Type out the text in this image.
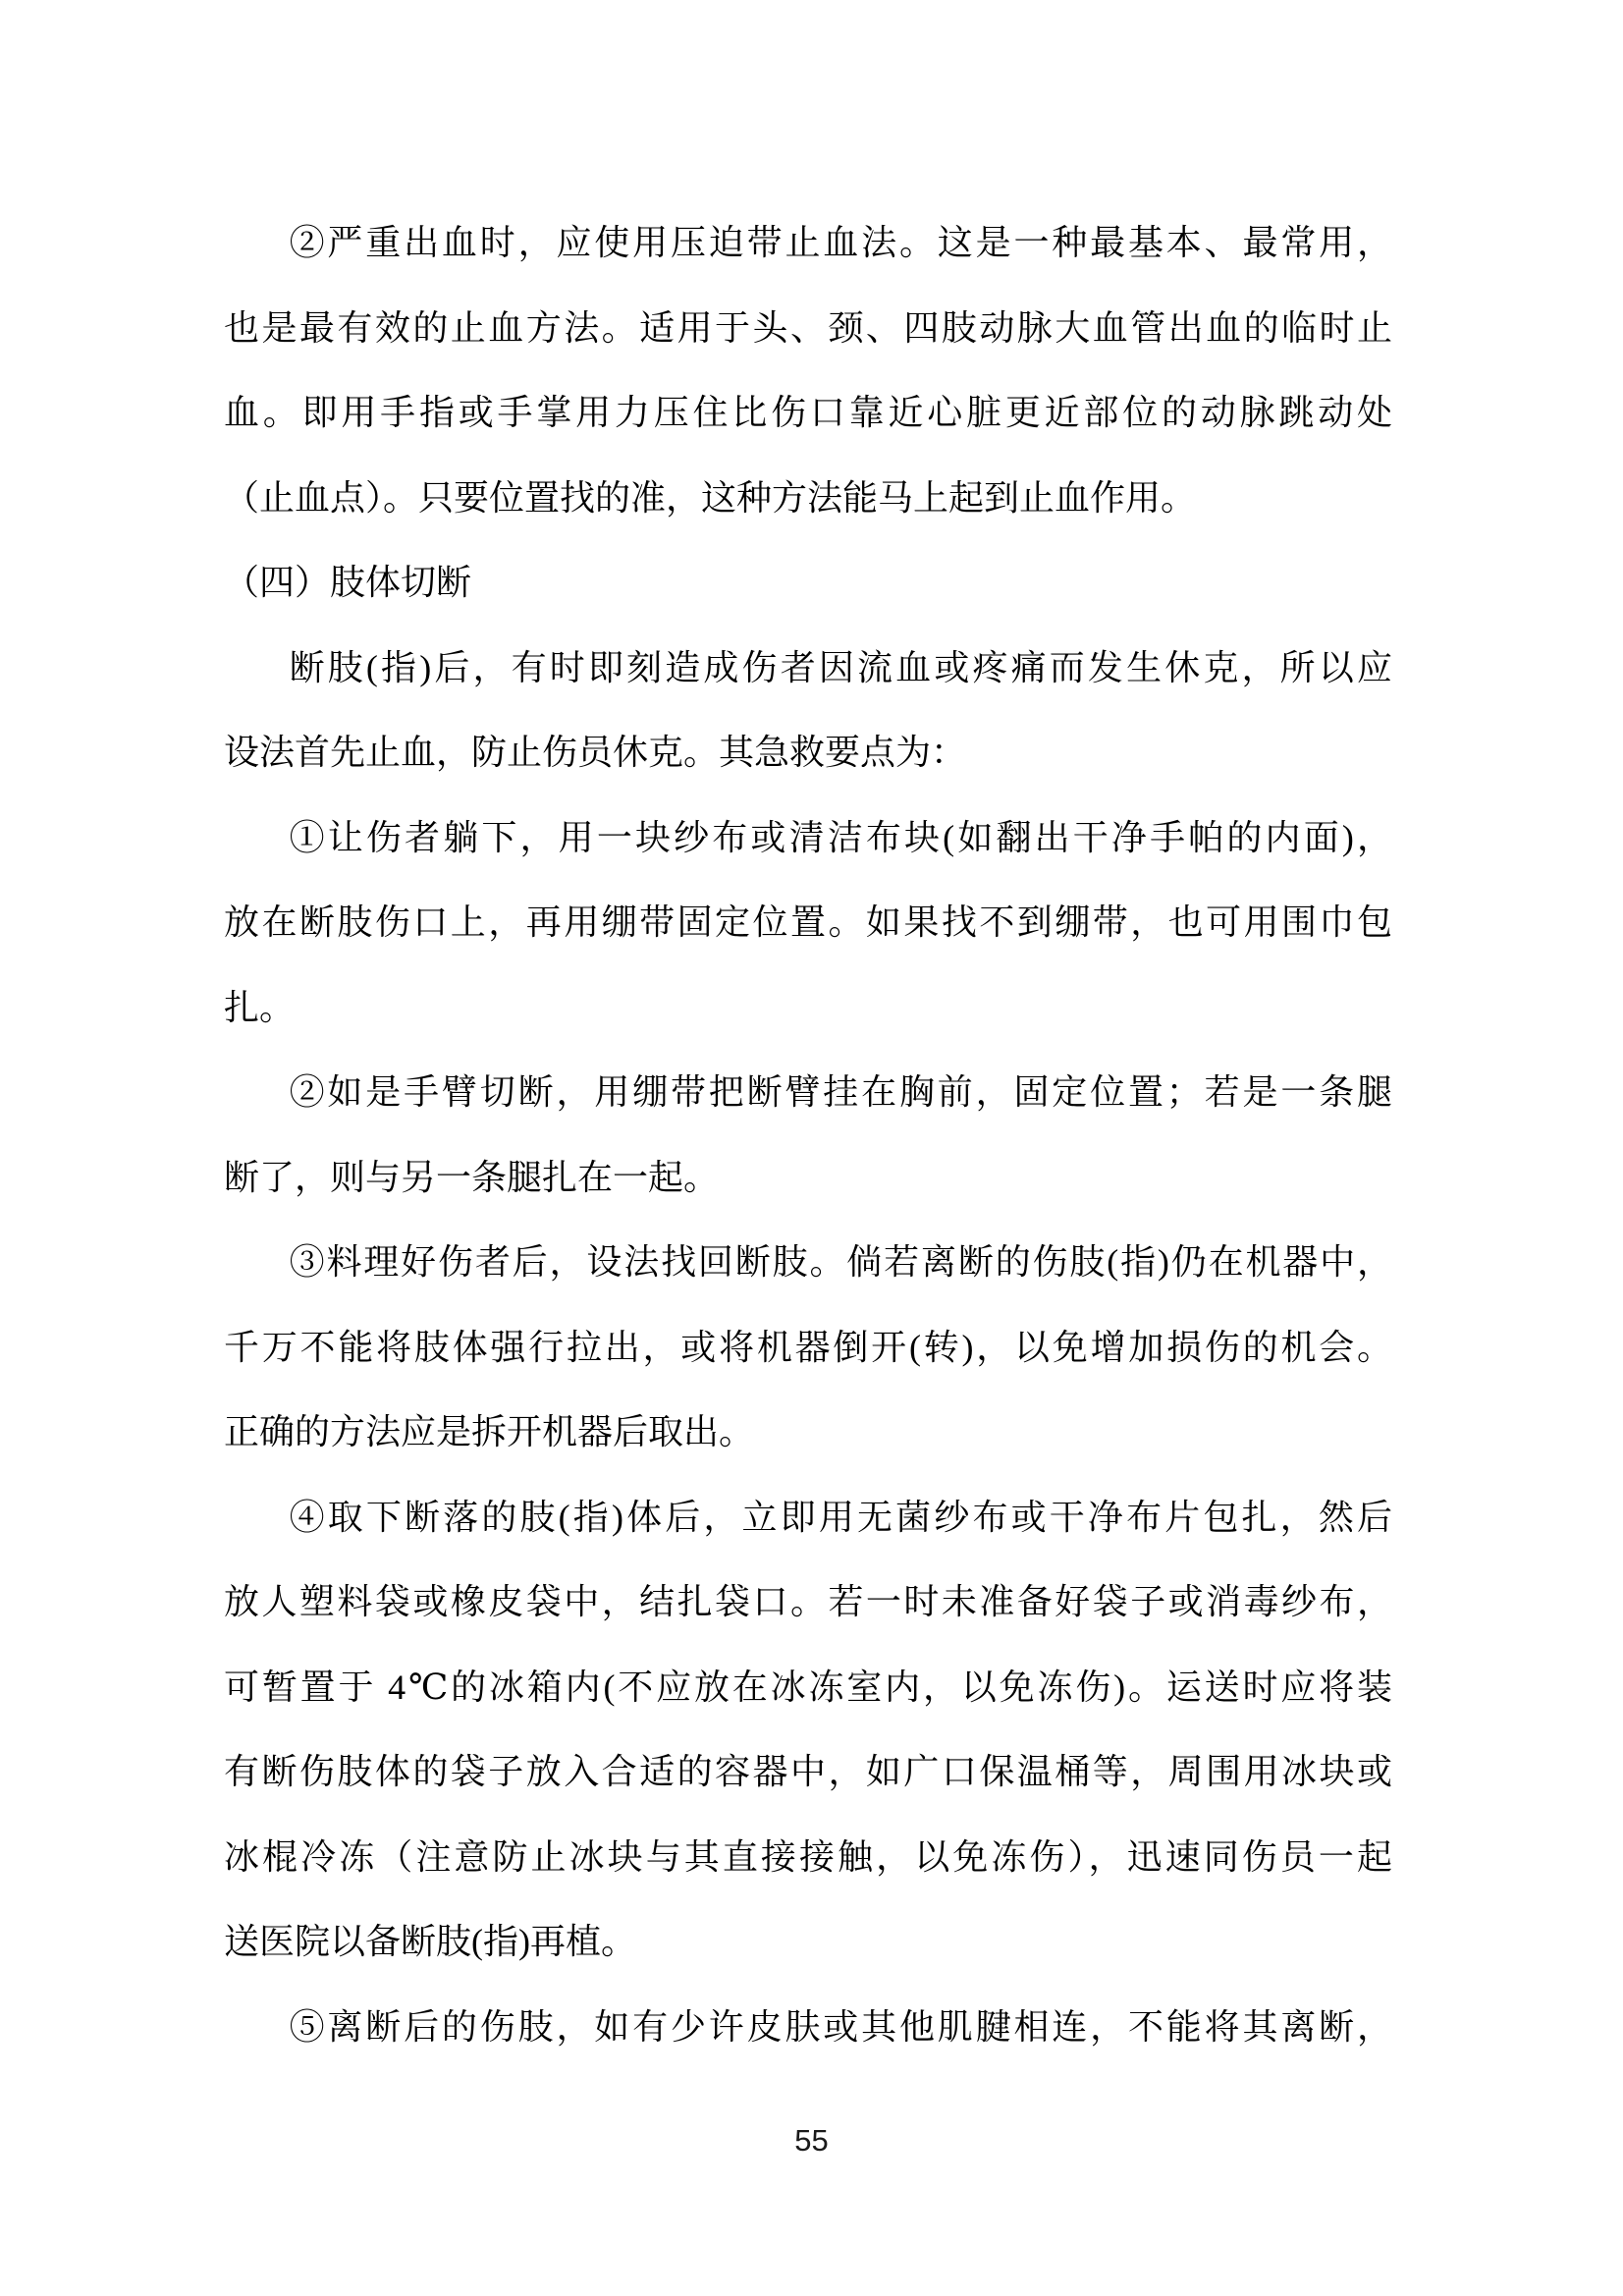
②严重出血时，应使用压迫带止血法。这是一种最基本、最常用，
也是最有效的止血方法。适用于头、颈、四肢动脉大血管出血的临时止
血。即用手指或手掌用力压住比伤口靠近心脏更近部位的动脉跳动处
（止血点）。只要位置找的准，这种方法能马上起到止血作用。
（四）肢体切断
断肢(指)后，有时即刻造成伤者因流血或疼痛而发生休克，所以应
设法首先止血，防止伤员休克。其急救要点为：
①让伤者躺下，用一块纱布或清洁布块(如翻出干净手帕的内面)，
放在断肢伤口上，再用绷带固定位置。如果找不到绷带，也可用围巾包
扎。
②如是手臂切断，用绷带把断臂挂在胸前，固定位置；若是一条腿
断了，则与另一条腿扎在一起。
③料理好伤者后，设法找回断肢。倘若离断的伤肢(指)仍在机器中，
千万不能将肢体强行拉出，或将机器倒开(转)，以免增加损伤的机会。
正确的方法应是拆开机器后取出。
④取下断落的肢(指)体后，立即用无菌纱布或干净布片包扎，然后
放人塑料袋或橡皮袋中，结扎袋口。若一时未准备好袋子或消毒纱布，
可暂置于 4℃的冰箱内(不应放在冰冻室内，以免冻伤)。运送时应将装
有断伤肢体的袋子放入合适的容器中，如广口保温桶等，周围用冰块或
冰棍冷冻（注意防止冰块与其直接接触，以免冻伤），迅速同伤员一起
送医院以备断肢(指)再植。
⑤离断后的伤肢，如有少许皮肤或其他肌腱相连，不能将其离断，
55
